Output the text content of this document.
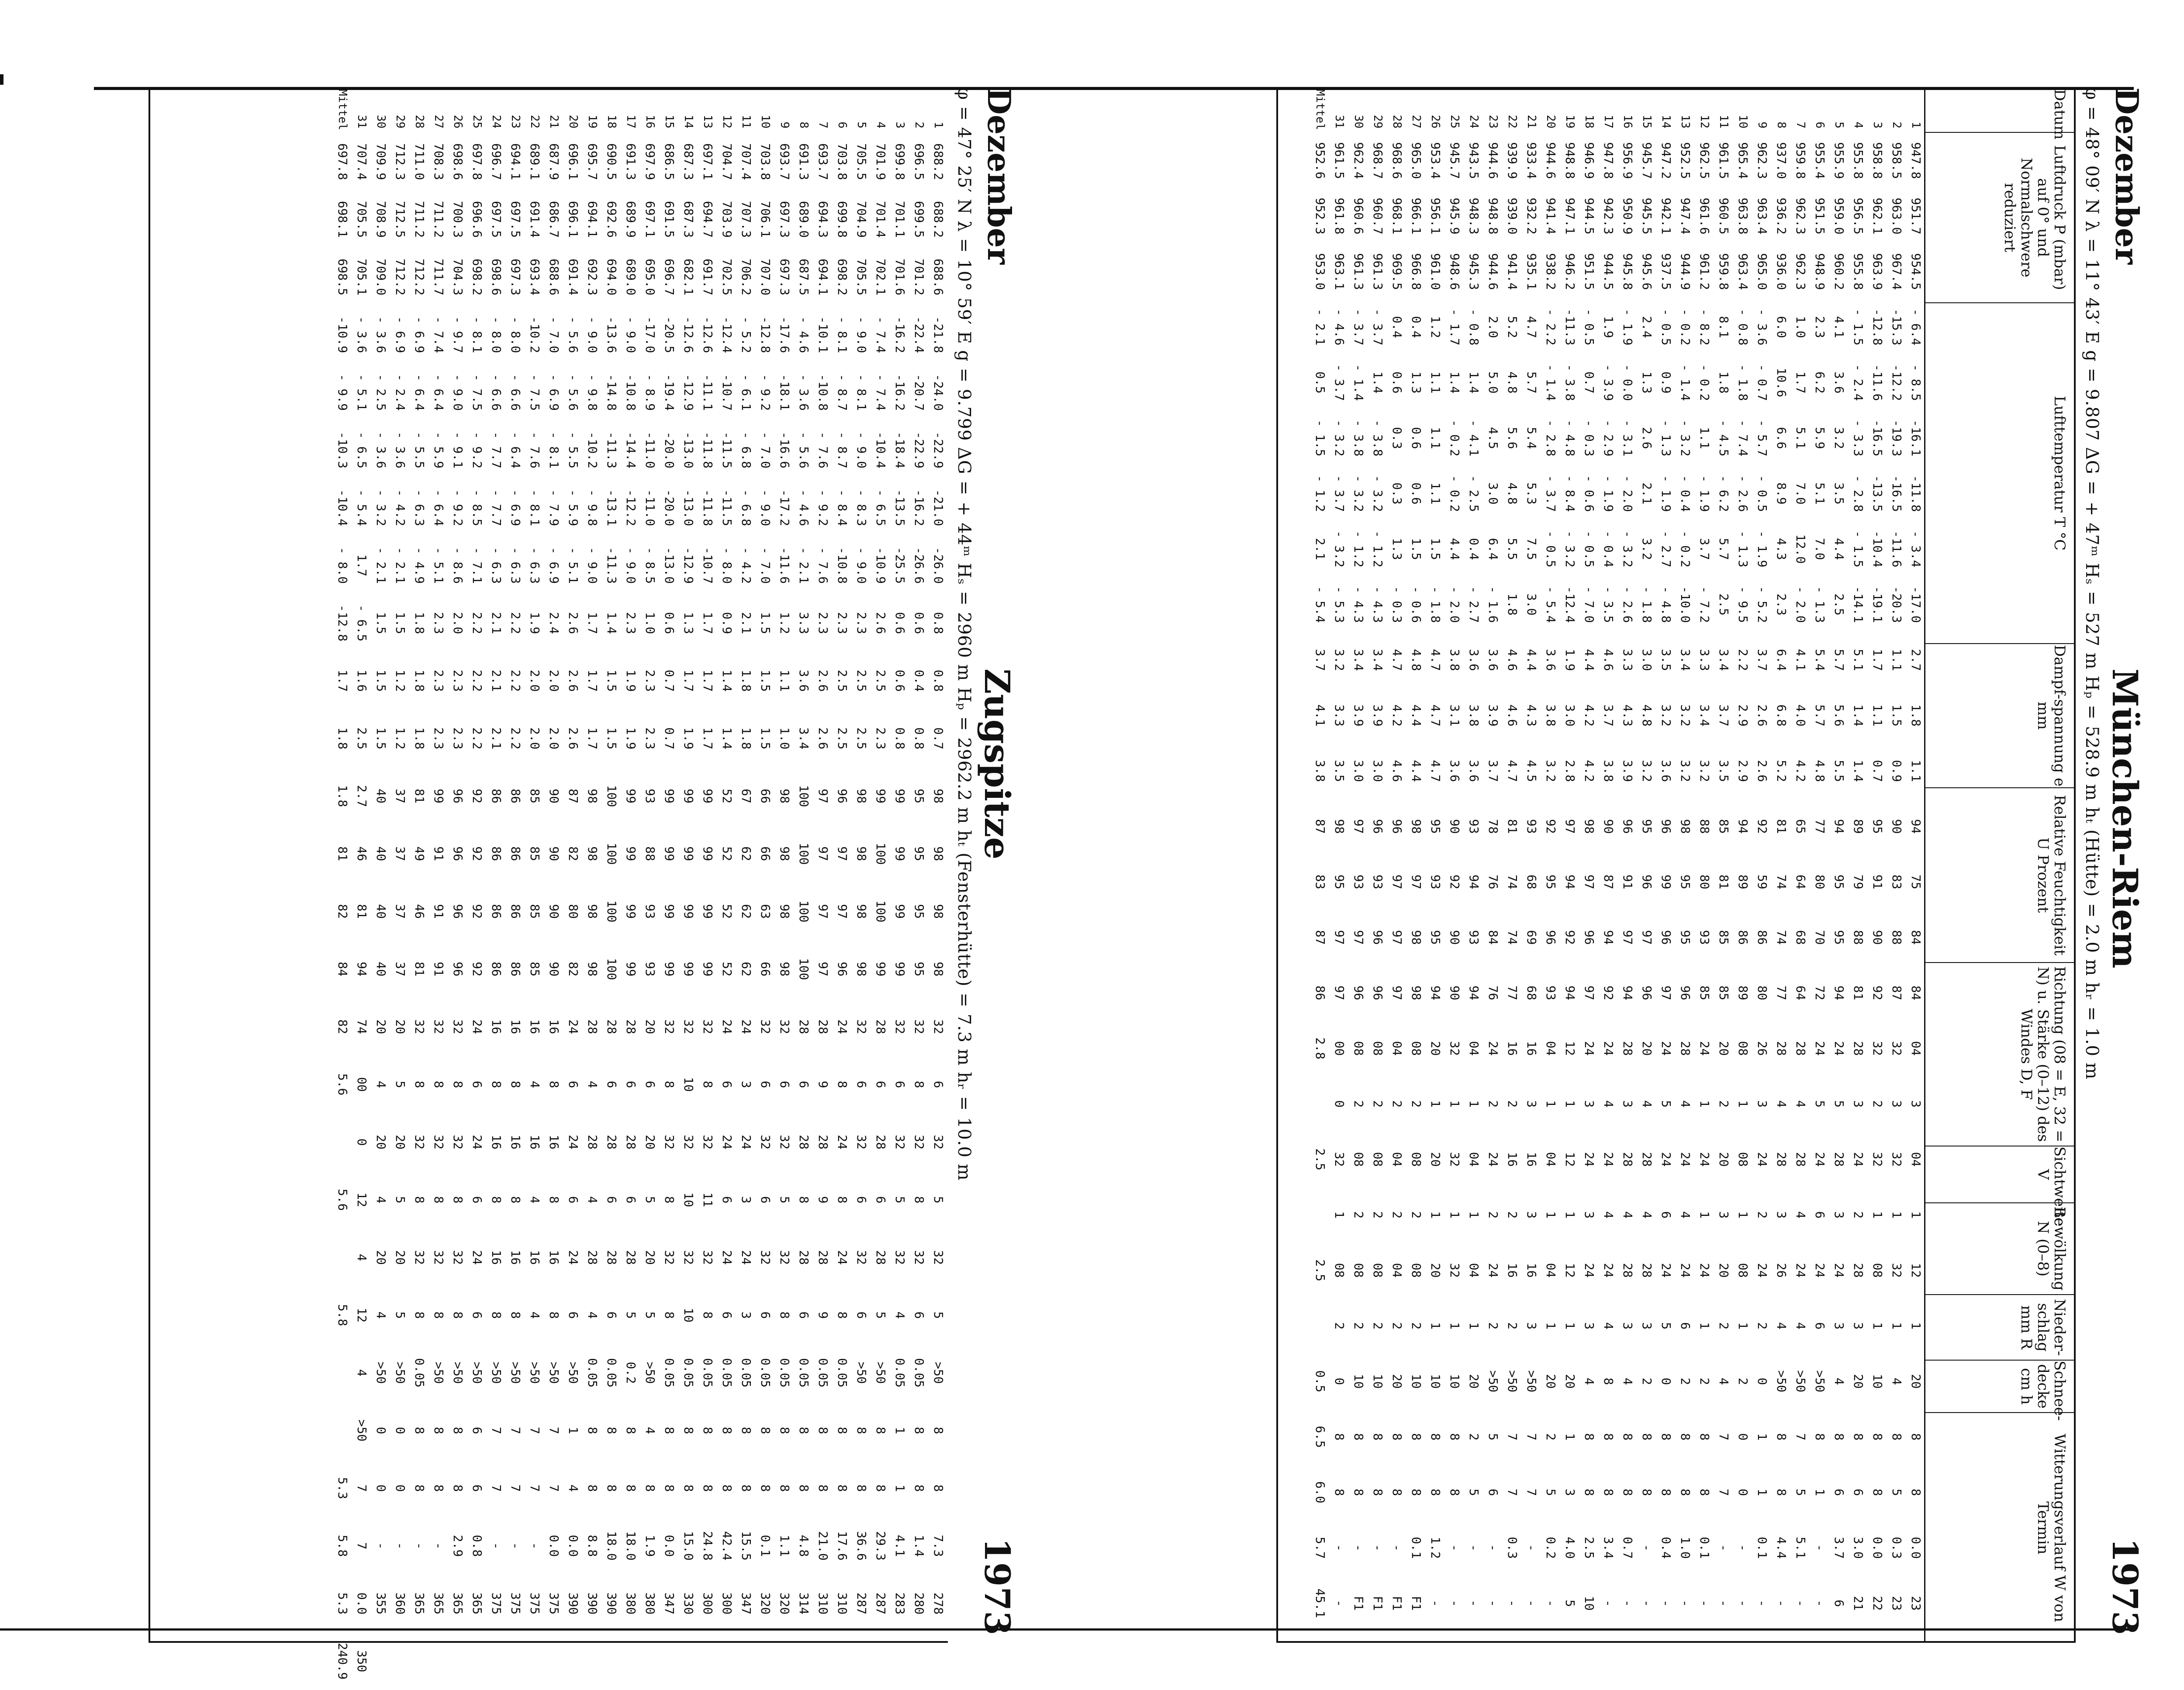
Dezember
München-Riem
1973
φ = 48° 09′ N λ = 11° 43′ E g = 9.807 ΔG = + 47ᵐ Hₛ = 527 m Hₚ = 528.9 m hₜ (Hütte) = 2.0 m hᵣ = 1.0 m
Datum
Luftdruck P (mbar) auf 0° und Normalschwere reduziert
Lufttemperatur T °C
Dampf-spannung e mm
Relative Feuchtigkeit U Prozent
Richtung (08 = E, 32 = N) u. Stärke (0–12) des Windes D, F
Sichtweite V
Bewölkung N (0–8)
Nieder-schlag mm R
Schnee-decke cm h
Witterungsverlauf W von Termin
1
2
3
4
5
6
7
8
9
10
11
12
13
14
15
16
17
18
19
20
21
22
23
24
25
26
27
28
29
30
31
Mittel
947.8951.7954.5- 6.4- 8.5-16.1-11.8- 3.4-17.02.71.81.19475848404304112120880.023
958.5963.0967.4-15.3-12.2-19.3-16.5-11.6-20.31.11.50.9908388873233213214850.323
958.8962.1963.9-12.8-11.6-16.5-13.5-10.4-19.11.71.10.79591909232232108110880.022
955.8956.5955.8- 1.5- 2.4- 3.3- 2.8- 1.5-14.15.11.41.48979888128324228320863.021
955.9959.0960.24.13.63.23.54.42.55.75.65.5949595942452832434863.76
955.4951.5948.92.36.25.95.17.0- 1.35.45.74.877807072245246246>5081--
959.8962.3962.31.01.75.17.012.0- 2.04.14.04.265646864284284244>50755.1-
937.0936.2936.06.010.66.68.94.32.36.46.85.281747477284283264>50884.4-
962.3963.4965.0- 3.6- 0.7- 5.7- 0.5- 1.9- 5.23.72.62.6925986802632422420110.1-
965.4963.8963.4- 0.8- 1.8- 7.4- 2.6- 1.3- 9.52.22.92.994898689081081081200--
961.5960.5959.88.11.8- 4.5- 6.25.72.53.43.73.585818585202203202477--
962.5961.6961.2- 8.2- 0.21.1- 1.93.7- 7.23.33.43.2888093852412412412880.1-
952.5947.4944.9- 0.2- 1.4- 3.2- 0.4- 0.2-10.03.43.23.2989595962842442462881.0-
947.2942.1937.5- 0.50.9- 1.3- 1.9- 2.7- 4.83.53.23.6969996972452462450880.4-
945.7945.5945.62.41.32.62.13.2- 1.83.04.83.295969796204284283288--
956.9950.9945.8- 1.9- 0.0- 3.1- 2.0- 3.2- 2.63.34.33.9969197942832842834880.7-
947.8942.3944.51.9- 3.9- 2.9- 1.9- 0.4- 3.54.63.73.8908794922442442448883.4-
946.9944.5951.5- 0.50.7- 0.3- 0.6- 0.5- 7.04.44.24.2989796972432432434882.510
948.8947.1946.2-11.3- 3.8- 4.8- 8.4- 3.2-12.41.93.02.89794929412112112120134.05
944.6941.4938.2- 2.2- 1.4- 2.8- 3.7- 0.5- 5.43.63.83.29295969304104104120250.2-
933.4932.2935.14.75.75.45.37.53.04.44.34.593686968163163163>5077--
939.9939.0941.45.24.85.64.85.51.84.64.64.781747477162162162>50770.3-
944.6948.8944.62.05.04.53.06.4- 1.63.63.93.778768476242242242>5056--
943.5948.3945.3- 0.81.4- 4.1- 2.50.4- 2.73.63.83.6939493940410410412025--
945.7945.9948.6- 1.71.4- 0.2- 0.24.4- 2.03.83.13.6909290903213213211088--
953.4956.1961.01.21.11.11.11.5- 1.84.74.74.79593959420120120110881.2-
965.0966.1966.80.41.30.60.61.5- 0.64.84.44.49897989808208208210880.1F1
968.6968.1969.50.40.60.30.31.3- 0.34.74.24.6969797970420420422088-F1
968.7960.7961.3- 3.71.4- 3.8- 3.2- 1.2- 4.33.43.93.0969396960820820821088-F1
962.4960.6961.3- 3.7- 1.4- 3.8- 3.2- 1.2- 4.33.43.93.0979397960820820821088-F1
961.5961.8963.1- 4.6- 3.7- 3.2- 3.7- 3.2- 5.33.23.33.598959797000321082088--
952.6952.3953.0- 2.10.5- 1.5- 1.22.1- 5.43.74.13.8878387862.82.52.50.56.56.05.745.1
Dezember
Zugspitze
1973
φ = 47° 25′ N λ = 10° 59′ E g = 9.799 ΔG = + 44ᵐ Hₛ = 2960 m Hₚ = 2962.2 m hₜ (Fensterhütte) = 7.3 m hᵣ = 10.0 m
1
2
3
4
5
6
7
8
9
10
11
12
13
14
15
16
17
18
19
20
21
22
23
24
25
26
27
28
29
30
31
Mittel
688.2688.2688.6-21.8-24.0-22.9-21.0-26.00.80.80.798989898326325325>50887.3278
696.5699.5701.2-22.4-20.7-22.9-16.2-26.60.60.40.8959595953283283260.05881.4280
699.8701.1701.6-16.2-16.2-18.4-13.5-25.50.60.60.8999999993263253240.05114.1283
701.9701.4702.1- 7.4- 7.4-10.4- 6.5-10.92.62.52.39910010099286286285>508829.3287
705.5704.9705.5- 9.0- 8.1- 9.0- 8.3- 9.02.32.52.598989898326326326>508836.6287
703.8699.8698.2- 8.1- 8.7- 8.7- 8.4-10.82.32.52.5969797962482482480.058817.6310
693.7694.3694.1-10.1-10.8- 7.6- 9.2- 7.62.32.62.6979797972892892890.058821.0310
691.3689.0687.5- 4.6- 3.6- 5.6- 4.6- 2.13.33.63.41001001001002862882860.05884.8314
693.7697.3697.3-17.6-18.1-16.6-17.2-11.61.21.11.0989898983263253280.05881.1320
703.8706.1707.0-12.8- 9.2- 7.0- 9.0- 7.01.51.51.5666663663263263260.05880.1320
707.4707.3706.2- 5.2- 6.1- 6.8- 6.8- 4.22.11.81.8676262622432432430.058815.5347
704.7703.9702.5-12.4-10.7-11.5-11.5- 8.00.91.41.4525252522462462460.058842.4300
697.1694.7691.7-12.6-11.1-11.8-11.8-10.71.71.71.79999999932832113280.058824.8300
687.3687.3682.1-12.6-12.9-13.0-13.0-12.91.31.71.9999999993210321032100.058815.0330
686.5691.5696.7-20.5-19.4-20.0-20.0-13.00.60.70.7999999993283283280.05880.0347
697.9697.1695.0-17.0- 8.9-11.0-11.0- 8.51.02.32.393889393206205205>50481.9380
691.3689.9689.0- 9.0-10.8-14.4-12.2- 9.02.31.91.9999999992862862850.28818.0380
690.5692.6694.0-13.6-14.8-11.3-13.1-11.31.41.51.51001001001002862862860.058818.0390
695.7694.1692.3- 9.0- 9.8-10.2- 9.8- 9.01.71.71.7989898982842842840.05888.8390
696.1696.1691.4- 5.6- 5.6- 5.5- 5.9- 5.12.62.62.687828082246246246>50140.0390
687.9686.7688.6- 7.0- 6.9- 8.1- 7.9- 6.92.42.02.090909090168168168>50770.0375
689.1691.4693.4-10.2- 7.5- 7.6- 8.1- 6.31.92.02.085858585164164164>5077-375
694.1697.5697.3- 8.0- 6.6- 6.4- 6.9- 6.32.22.22.286868686168168168>5077-375
696.7697.5698.6- 8.0- 6.6- 7.7- 7.7- 6.32.12.12.186868686168168168>5077-375
697.8696.6698.2- 8.1- 7.5- 9.2- 8.5- 7.12.22.22.292929292246246246>50660.8365
698.6700.3704.3- 9.7- 9.0- 9.1- 9.2- 8.62.02.32.396969696328328328>50882.9365
708.3711.2711.7- 7.4- 6.4- 5.9- 6.4- 5.12.32.32.399919191328328328>5088-365
711.0711.2712.2- 6.9- 6.4- 5.5- 6.3- 4.91.81.81.8814946813283283280.0588-365
712.3712.5712.2- 6.9- 2.4- 3.6- 4.2- 2.11.51.21.237373737205205205>5000-360
709.9708.9709.0- 3.6- 2.5- 3.6- 3.2- 2.11.51.51.540404040204204204>5000-355
707.4705.5705.1- 3.6- 5.1- 6.5- 5.41.7- 6.51.62.52.746819474000124124>50770.0350
697.8698.1698.5-10.9- 9.9-10.3-10.4- 8.0-12.81.71.81.8818284825.65.65.85.35.85.3240.9
